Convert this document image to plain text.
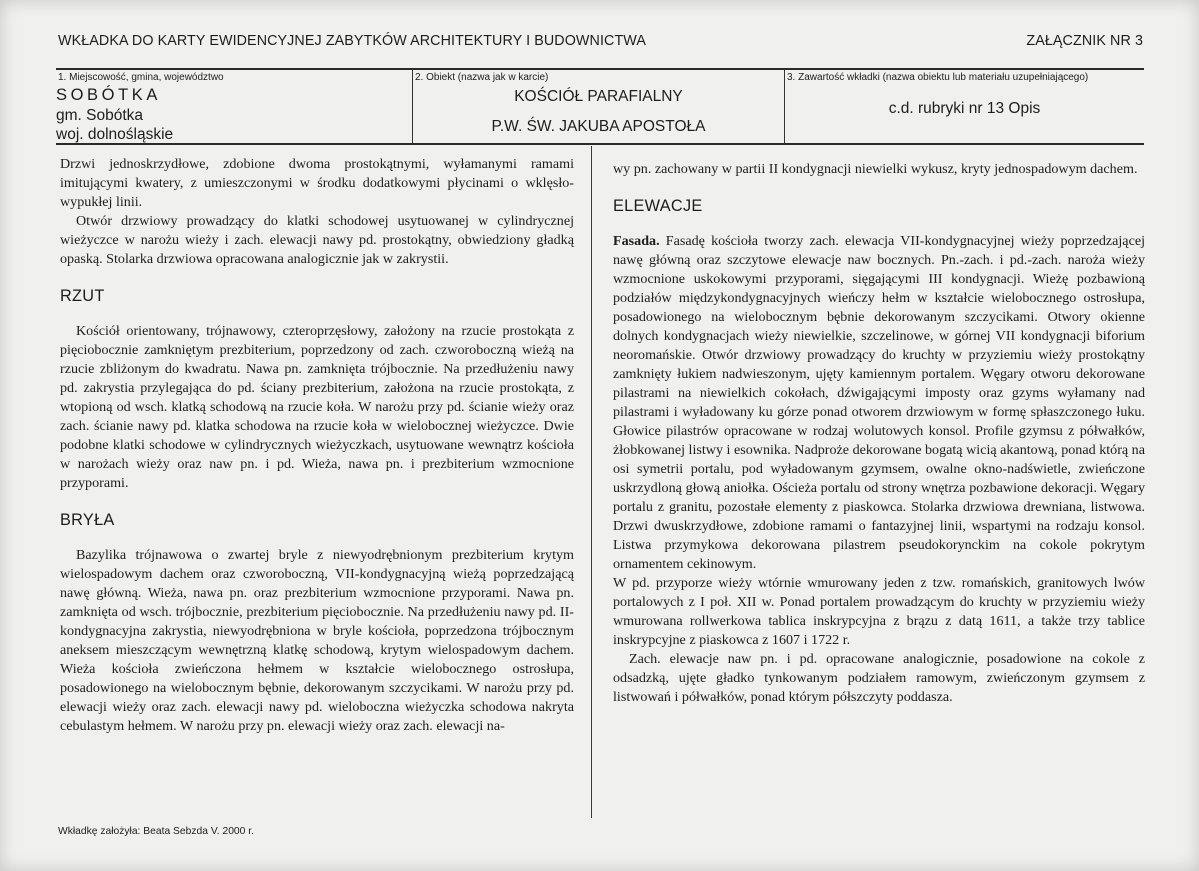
WKŁADKA DO KARTY EWIDENCYJNEJ ZABYTKÓW ARCHITEKTURY I BUDOWNICTWA	ZAŁĄCZNIK NR 3
1. Miejscowość, gmina, województwo
SOBÓTKA
gm. Sobótka
woj. dolnośląskie
2. Obiekt (nazwa jak w karcie)
KOŚCIÓŁ PARAFIALNY
P.W. ŚW. JAKUBA APOSTOŁA
3. Zawartość wkładki (nazwa obiektu lub materiału uzupełniającego)
c.d. rubryki nr 13 Opis

Drzwi jednoskrzydłowe, zdobione dwoma prostokątnymi, wyłamanymi ramami imitującymi kwatery, z umieszczonymi w środku dodatkowymi płycinami o wklęsło-wypukłej linii.

Otwór drzwiowy prowadzący do klatki schodowej usytuowanej w cylindrycznej wieżyczce w narożu wieży i zach. elewacji nawy pd. prostokątny, obwiedziony gładką opaską. Stolarka drzwiowa opracowana analogicznie jak w zakrystii.

RZUT

Kościół orientowany, trójnawowy, czteroprzęsłowy, założony na rzucie prostokąta z pięciobocznie zamkniętym prezbiterium, poprzedzony od zach. czworoboczną wieżą na rzucie zbliżonym do kwadratu. Nawa pn. zamknięta trójbocznie. Na przedłużeniu nawy pd. zakrystia przylegająca do pd. ściany prezbiterium, założona na rzucie prostokąta, z wtopioną od wsch. klatką schodową na rzucie koła. W narożu przy pd. ścianie wieży oraz zach. ścianie nawy pd. klatka schodowa na rzucie koła w wielobocznej wieżyczce. Dwie podobne klatki schodowe w cylindrycznych wieżyczkach, usytuowane wewnątrz kościoła w narożach wieży oraz naw pn. i pd. Wieża, nawa pn. i prezbiterium wzmocnione przyporami.

BRYŁA

Bazylika trójnawowa o zwartej bryle z niewyodrębnionym prezbiterium krytym wielospadowym dachem oraz czworoboczną, VII-kondygnacyjną wieżą poprzedzającą nawę główną. Wieża, nawa pn. oraz prezbiterium wzmocnione przyporami. Nawa pn. zamknięta od wsch. trójbocznie, prezbiterium pięciobocznie. Na przedłużeniu nawy pd. II-kondygnacyjna zakrystia, niewyodrębniona w bryle kościoła, poprzedzona trójbocznym aneksem mieszczącym wewnętrzną klatkę schodową, krytym wielospadowym dachem. Wieża kościoła zwieńczona hełmem w kształcie wielobocznego ostrosłupa, posadowionego na wielobocznym bębnie, dekorowanym szczycikami. W narożu przy pd. elewacji wieży oraz zach. elewacji nawy pd. wieloboczna wieżyczka schodowa nakryta cebulastym hełmem. W narożu przy pn. elewacji wieży oraz zach. elewacji na-

wy pn. zachowany w partii II kondygnacji niewielki wykusz, kryty jednospadowym dachem.

ELEWACJE

Fasada. Fasadę kościoła tworzy zach. elewacja VII-kondygnacyjnej wieży poprzedzającej nawę główną oraz szczytowe elewacje naw bocznych. Pn.-zach. i pd.-zach. naroża wieży wzmocnione uskokowymi przyporami, sięgającymi III kondygnacji. Wieżę pozbawioną podziałów międzykondygnacyjnych wieńczy hełm w kształcie wielobocznego ostrosłupa, posadowionego na wielobocznym bębnie dekorowanym szczycikami. Otwory okienne dolnych kondygnacjach wieży niewielkie, szczelinowe, w górnej VII kondygnacji biforium neoromańskie. Otwór drzwiowy prowadzący do kruchty w przyziemiu wieży prostokątny zamknięty łukiem nadwieszonym, ujęty kamiennym portalem. Węgary otworu dekorowane pilastrami na niewielkich cokołach, dźwigającymi imposty oraz gzyms wyłamany nad pilastrami i wyładowany ku górze ponad otworem drzwiowym w formę spłaszczonego łuku. Głowice pilastrów opracowane w rodzaj wolutowych konsol. Profile gzymsu z półwałków, żłobkowanej listwy i esownika. Nadproże dekorowane bogatą wicią akantową, ponad którą na osi symetrii portalu, pod wyładowanym gzymsem, owalne okno-nadświetle, zwieńczone uskrzydloną głową aniołka. Ościeża portalu od strony wnętrza pozbawione dekoracji. Węgary portalu z granitu, pozostałe elementy z piaskowca. Stolarka drzwiowa drewniana, listwowa. Drzwi dwuskrzydłowe, zdobione ramami o fantazyjnej linii, wspartymi na rodzaju konsol. Listwa przymykowa dekorowana pilastrem pseudokorynckim na cokole pokrytym ornamentem cekinowym.

W pd. przyporze wieży wtórnie wmurowany jeden z tzw. romańskich, granitowych lwów portalowych z I poł. XII w. Ponad portalem prowadzącym do kruchty w przyziemiu wieży wmurowana rollwerkowa tablica inskrypcyjna z brązu z datą 1611, a także trzy tablice inskrypcyjne z piaskowca z 1607 i 1722 r.

Zach. elewacje naw pn. i pd. opracowane analogicznie, posadowione na cokole z odsadzką, ujęte gładko tynkowanym podziałem ramowym, zwieńczonym gzymsem z listwowań i półwałków, ponad którym półszczyty poddasza.

Wkładkę założyła: Beata Sebzda V. 2000 r.
